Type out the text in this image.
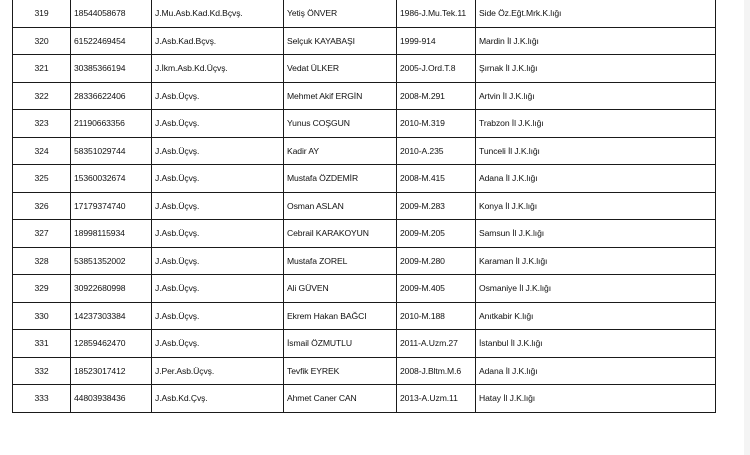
319	18544058678	J.Mu.Asb.Kad.Kd.Bçvş.	Yetiş ÖNVER	1986-J.Mu.Tek.11	Side Öz.Eğt.Mrk.K.lığı
320	61522469454	J.Asb.Kad.Bçvş.	Selçuk KAYABAŞI	1999-914	Mardin İl J.K.lığı
321	30385366194	J.İkm.Asb.Kd.Üçvş.	Vedat ÜLKER	2005-J.Ord.T.8	Şırnak İl J.K.lığı
322	28336622406	J.Asb.Üçvş.	Mehmet Akif ERGİN	2008-M.291	Artvin İl J.K.lığı
323	21190663356	J.Asb.Üçvş.	Yunus COŞGUN	2010-M.319	Trabzon İl J.K.lığı
324	58351029744	J.Asb.Üçvş.	Kadir AY	2010-A.235	Tunceli İl J.K.lığı
325	15360032674	J.Asb.Üçvş.	Mustafa ÖZDEMİR	2008-M.415	Adana İl J.K.lığı
326	17179374740	J.Asb.Üçvş.	Osman ASLAN	2009-M.283	Konya İl J.K.lığı
327	18998115934	J.Asb.Üçvş.	Cebrail KARAKOYUN	2009-M.205	Samsun İl J.K.lığı
328	53851352002	J.Asb.Üçvş.	Mustafa ZOREL	2009-M.280	Karaman İl J.K.lığı
329	30922680998	J.Asb.Üçvş.	Ali GÜVEN	2009-M.405	Osmaniye İl J.K.lığı
330	14237303384	J.Asb.Üçvş.	Ekrem Hakan BAĞCI	2010-M.188	Anıtkabir K.lığı
331	12859462470	J.Asb.Üçvş.	İsmail ÖZMUTLU	2011-A.Uzm.27	İstanbul İl J.K.lığı
332	18523017412	J.Per.Asb.Üçvş.	Tevfik EYREK	2008-J.Bltm.M.6	Adana İl J.K.lığı
333	44803938436	J.Asb.Kd.Çvş.	Ahmet Caner CAN	2013-A.Uzm.11	Hatay İl J.K.lığı
